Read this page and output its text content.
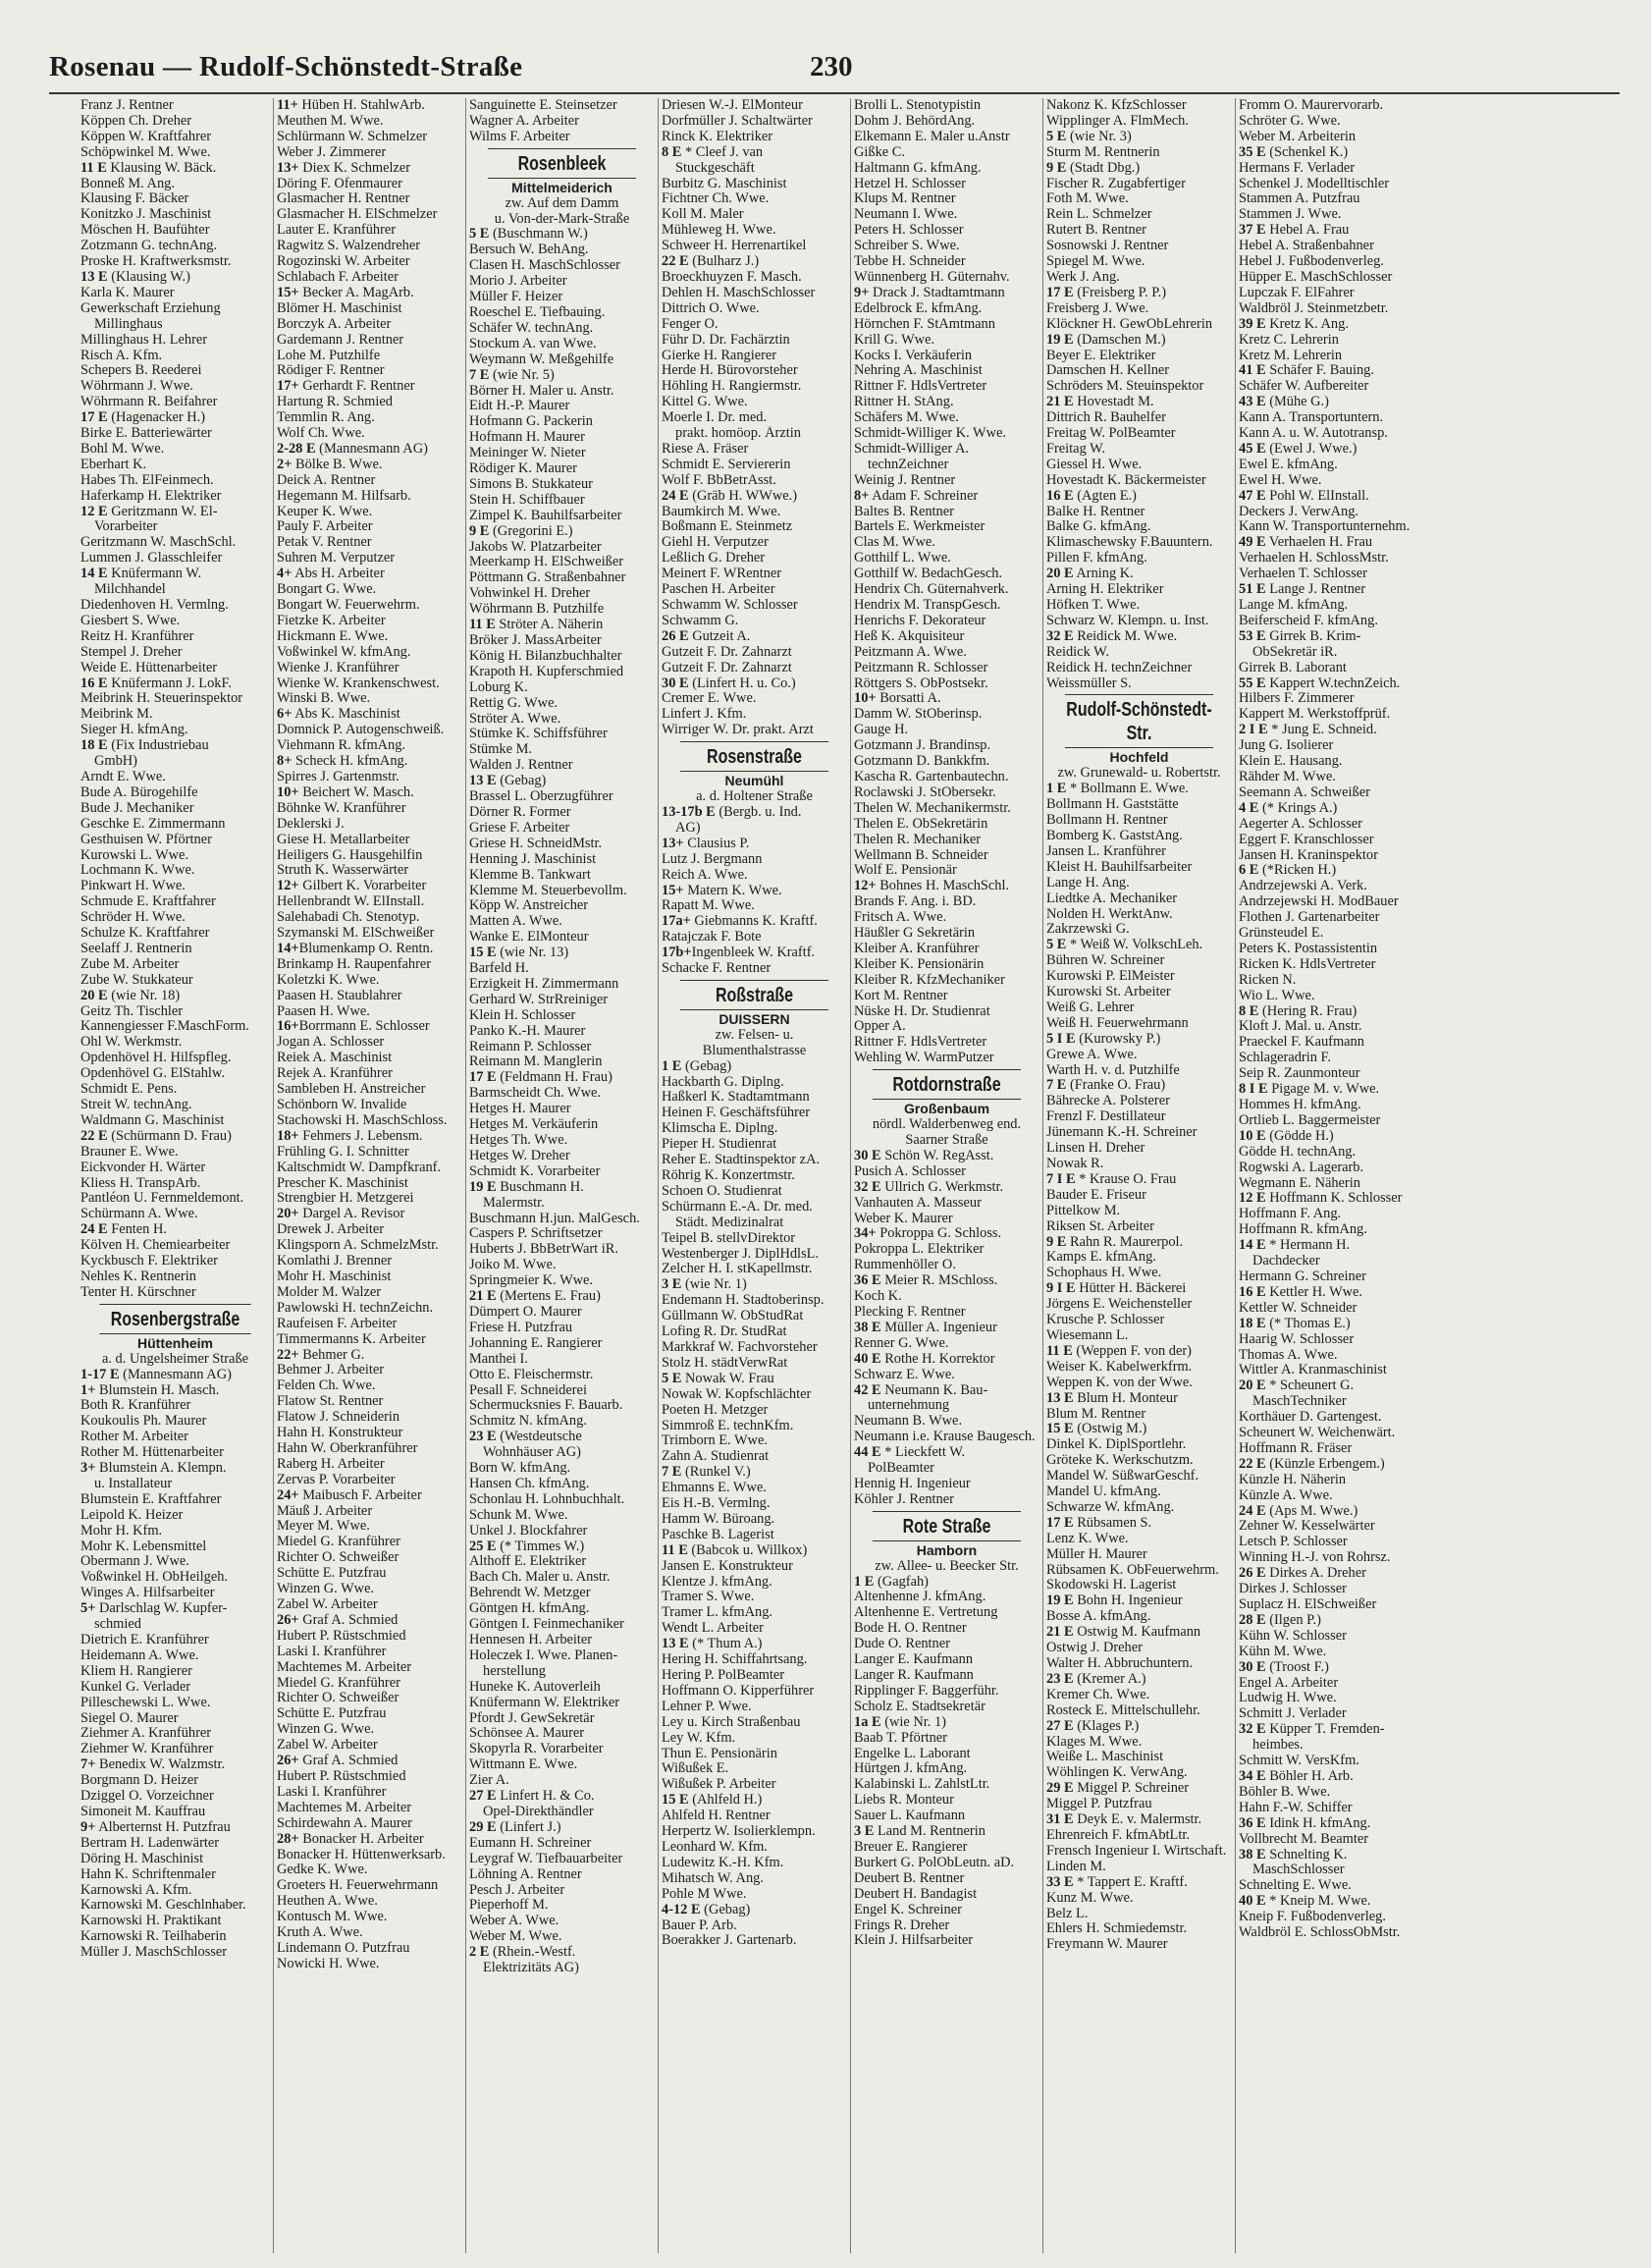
Rosenau — Rudolf-Schönstedt-Straße	230
Franz J. Rentner
Köppen Ch. Dreher
Köppen W. Kraftfahrer
Schöpwinkel M. Wwe.
11 E Klausing W. Bäck.
Bonneß M. Ang.
Klausing F. Bäcker
Konitzko J. Maschinist
Möschen H. Baufühter
Zotzmann G. technAng.
Proske H. Kraftwerksmstr.
13 E (Klausing W.)
Karla K. Maurer
Gewerkschaft Erziehung
Millinghaus
Millinghaus H. Lehrer
Risch A. Kfm.
Schepers B. Reederei
Wöhrmann J. Wwe.
Wöhrmann R. Beifahrer
17 E (Hagenacker H.)
Birke E. Batteriewärter
Bohl M. Wwe.
Eberhart K.
Habes Th. ElFeinmech.
Haferkamp H. Elektriker
12 E Geritzmann W. El-
Vorarbeiter
Geritzmann W. MaschSchl.
Lummen J. Glasschleifer
14 E Knüfermann W.
Milchhandel
Diedenhoven H. Vermlng.
Giesbert S. Wwe.
Reitz H. Kranführer
Stempel J. Dreher
Weide E. Hüttenarbeiter
16 E Knüfermann J. LokF.
Meibrink H. Steuerinspektor
Meibrink M.
Sieger H. kfmAng.
18 E (Fix Industriebau
GmbH)
Arndt E. Wwe.
Bude A. Bürogehilfe
Bude J. Mechaniker
Geschke E. Zimmermann
Gesthuisen W. Pförtner
Kurowski L. Wwe.
Lochmann K. Wwe.
Pinkwart H. Wwe.
Schmude E. Kraftfahrer
Schröder H. Wwe.
Schulze K. Kraftfahrer
Seelaff J. Rentnerin
Zube M. Arbeiter
Zube W. Stukkateur
20 E (wie Nr. 18)
Geitz Th. Tischler
Kannengiesser F.MaschForm.
Ohl W. Werkmstr.
Opdenhövel H. Hilfspfleg.
Opdenhövel G. ElStahlw.
Schmidt E. Pens.
Streit W. technAng.
Waldmann G. Maschinist
22 E (Schürmann D. Frau)
Brauner E. Wwe.
Eickvonder H. Wärter
Kliess H. TranspArb.
Pantléon U. Fernmeldemont.
Schürmann A. Wwe.
24 E Fenten H.
Kölven H. Chemiearbeiter
Kyckbusch F. Elektriker
Nehles K. Rentnerin
Tenter H. Kürschner
Rosenbergstraße
Hüttenheim
a. d. Ungelsheimer Straße
1-17 E (Mannesmann AG)
1+ Blumstein H. Masch.
Both R. Kranführer
Koukoulis Ph. Maurer
Rother M. Arbeiter
Rother M. Hüttenarbeiter
3+ Blumstein A. Klempn.
u. Installateur
Blumstein E. Kraftfahrer
Leipold K. Heizer
Mohr H. Kfm.
Mohr K. Lebensmittel
Obermann J. Wwe.
Voßwinkel H. ObHeilgeh.
Winges A. Hilfsarbeiter
5+ Darlschlag W. Kupfer-
schmied
Dietrich E. Kranführer
Heidemann A. Wwe.
Kliem H. Rangierer
Kunkel G. Verlader
Pilleschewski L. Wwe.
Siegel O. Maurer
Ziehmer A. Kranführer
Ziehmer W. Kranführer
7+ Benedix W. Walzmstr.
Borgmann D. Heizer
Dziggel O. Vorzeichner
Simoneit M. Kauffrau
9+ Alberternst H. Putzfrau
Bertram H. Ladenwärter
Döring H. Maschinist
Hahn K. Schriftenmaler
Karnowski A. Kfm.
Karnowski M. Geschlnhaber.
Karnowski H. Praktikant
Karnowski R. Teilhaberin
Müller J. MaschSchlosser
11+ Hüben H. StahlwArb.
Meuthen M. Wwe.
Schlürmann W. Schmelzer
Weber J. Zimmerer
13+ Diex K. Schmelzer
Döring F. Ofenmaurer
Glasmacher H. Rentner
Glasmacher H. ElSchmelzer
Lauter E. Kranführer
Ragwitz S. Walzendreher
Rogozinski W. Arbeiter
Schlabach F. Arbeiter
15+ Becker A. MagArb.
Blömer H. Maschinist
Borczyk A. Arbeiter
Gardemann J. Rentner
Lohe M. Putzhilfe
Rödiger F. Rentner
17+ Gerhardt F. Rentner
Hartung R. Schmied
Temmlin R. Ang.
Wolf Ch. Wwe.
2-28 E (Mannesmann AG)
2+ Bölke B. Wwe.
Deick A. Rentner
Hegemann M. Hilfsarb.
Keuper K. Wwe.
Pauly F. Arbeiter
Petak V. Rentner
Suhren M. Verputzer
4+ Abs H. Arbeiter
Bongart G. Wwe.
Bongart W. Feuerwehrm.
Fietzke K. Arbeiter
Hickmann E. Wwe.
Voßwinkel W. kfmAng.
Wienke J. Kranführer
Wienke W. Krankenschwest.
Winski B. Wwe.
6+ Abs K. Maschinist
Domnick P. Autogenschweiß.
Viehmann R. kfmAng.
8+ Scheck H. kfmAng.
Spirres J. Gartenmstr.
10+ Beichert W. Masch.
Böhnke W. Kranführer
Deklerski J.
Giese H. Metallarbeiter
Heiligers G. Hausgehilfin
Struth K. Wasserwärter
12+ Gilbert K. Vorarbeiter
Hellenbrandt W. ElInstall.
Salehabadi Ch. Stenotyp.
Szymanski M. ElSchweißer
14+Blumenkamp O. Rentn.
Brinkamp H. Raupenfahrer
Koletzki K. Wwe.
Paasen H. Staublahrer
Paasen H. Wwe.
16+Borrmann E. Schlosser
Jogan A. Schlosser
Reiek A. Maschinist
Rejek A. Kranführer
Sambleben H. Anstreicher
Schönborn W. Invalide
Stachowski H. MaschSchloss.
18+ Fehmers J. Lebensm.
Frühling G. I. Schnitter
Kaltschmidt W. Dampfkranf.
Prescher K. Maschinist
Strengbier H. Metzgerei
20+ Dargel A. Revisor
Drewek J. Arbeiter
Klingsporn A. SchmelzMstr.
Komlathi J. Brenner
Mohr H. Maschinist
Molder M. Walzer
Pawlowski H. technZeichn.
Raufeisen F. Arbeiter
Timmermanns K. Arbeiter
22+ Behmer G.
Behmer J. Arbeiter
Felden Ch. Wwe.
Flatow St. Rentner
Flatow J. Schneiderin
Hahn H. Konstrukteur
Hahn W. Oberkranführer
Raberg H. Arbeiter
Zervas P. Vorarbeiter
24+ Maibusch F. Arbeiter
Mäuß J. Arbeiter
Meyer M. Wwe.
Miedel G. Kranführer
Richter O. Schweißer
Schütte E. Putzfrau
Winzen G. Wwe.
Zabel W. Arbeiter
26+ Graf A. Schmied
Hubert P. Rüstschmied
Laski I. Kranführer
Machtemes M. Arbeiter
Miedel G. Kranführer
Richter O. Schweißer
Schütte E. Putzfrau
Winzen G. Wwe.
Zabel W. Arbeiter
26+ Graf A. Schmied
Hubert P. Rüstschmied
Laski I. Kranführer
Machtemes M. Arbeiter
Schirdewahn A. Maurer
28+ Bonacker H. Arbeiter
Bonacker H. Hüttenwerksarb.
Gedke K. Wwe.
Groeters H. Feuerwehrmann
Heuthen A. Wwe.
Kontusch M. Wwe.
Kruth A. Wwe.
Lindemann O. Putzfrau
Nowicki H. Wwe.
Sanguinette E. Steinsetzer
Wagner A. Arbeiter
Wilms F. Arbeiter
Rosenbleek
Mittelmeiderich
zw. Auf dem Damm
u. Von-der-Mark-Straße
5 E (Buschmann W.)
Bersuch W. BehAng.
Clasen H. MaschSchlosser
Morio J. Arbeiter
Müller F. Heizer
Roeschel E. Tiefbauing.
Schäfer W. technAng.
Stockum A. van Wwe.
Weymann W. Meßgehilfe
7 E (wie Nr. 5)
Börner H. Maler u. Anstr.
Eidt H.-P. Maurer
Hofmann G. Packerin
Hofmann H. Maurer
Meininger W. Nieter
Rödiger K. Maurer
Simons B. Stukkateur
Stein H. Schiffbauer
Zimpel K. Bauhilfsarbeiter
9 E (Gregorini E.)
Jakobs W. Platzarbeiter
Meerkamp H. ElSchweißer
Pöttmann G. Straßenbahner
Vohwinkel H. Dreher
Wöhrmann B. Putzhilfe
11 E Ströter A. Näherin
Bröker J. MassArbeiter
König H. Bilanzbuchhalter
Krapoth H. Kupferschmied
Loburg K.
Rettig G. Wwe.
Ströter A. Wwe.
Stümke K. Schiffsführer
Stümke M.
Walden J. Rentner
13 E (Gebag)
Brassel L. Oberzugführer
Dörner R. Former
Griese F. Arbeiter
Griese H. SchneidMstr.
Henning J. Maschinist
Klemme B. Tankwart
Klemme M. Steuerbevollm.
Köpp W. Anstreicher
Matten A. Wwe.
Wanke E. ElMonteur
15 E (wie Nr. 13)
Barfeld H.
Erzigkeit H. Zimmermann
Gerhard W. StrRreiniger
Klein H. Schlosser
Panko K.-H. Maurer
Reimann P. Schlosser
Reimann M. Manglerin
17 E (Feldmann H. Frau)
Barmscheidt Ch. Wwe.
Hetges H. Maurer
Hetges M. Verkäuferin
Hetges Th. Wwe.
Hetges W. Dreher
Schmidt K. Vorarbeiter
19 E Buschmann H.
Malermstr.
Buschmann H.jun. MalGesch.
Caspers P. Schriftsetzer
Huberts J. BbBetrWart iR.
Joiko M. Wwe.
Springmeier K. Wwe.
21 E (Mertens E. Frau)
Dümpert O. Maurer
Friese H. Putzfrau
Johanning E. Rangierer
Manthei I.
Otto E. Fleischermstr.
Pesall F. Schneiderei
Schermucksnies F. Bauarb.
Schmitz N. kfmAng.
23 E (Westdeutsche
Wohnhäuser AG)
Born W. kfmAng.
Hansen Ch. kfmAng.
Schonlau H. Lohnbuchhalt.
Schunk M. Wwe.
Unkel J. Blockfahrer
25 E (* Timmes W.)
Althoff E. Elektriker
Bach Ch. Maler u. Anstr.
Behrendt W. Metzger
Göntgen H. kfmAng.
Göntgen I. Feinmechaniker
Hennesen H. Arbeiter
Holeczek I. Wwe. Planen-
herstellung
Huneke K. Autoverleih
Knüfermann W. Elektriker
Pfordt J. GewSekretär
Schönsee A. Maurer
Skopyrla R. Vorarbeiter
Wittmann E. Wwe.
Zier A.
27 E Linfert H. & Co.
Opel-Direkthändler
29 E (Linfert J.)
Eumann H. Schreiner
Leygraf W. Tiefbauarbeiter
Löhning A. Rentner
Pesch J. Arbeiter
Pieperhoff M.
Weber A. Wwe.
Weber M. Wwe.
2 E (Rhein.-Westf.
Elektrizitäts AG)
Driesen W.-J. ElMonteur
Dorfmüller J. Schaltwärter
Rinck K. Elektriker
8 E * Cleef J. van
Stuckgeschäft
Burbitz G. Maschinist
Fichtner Ch. Wwe.
Koll M. Maler
Mühleweg H. Wwe.
Schweer H. Herrenartikel
22 E (Bulharz J.)
Broeckhuyzen F. Masch.
Dehlen H. MaschSchlosser
Dittrich O. Wwe.
Fenger O.
Führ D. Dr. Fachärztin
Gierke H. Rangierer
Herde H. Bürovorsteher
Höhling H. Rangiermstr.
Kittel G. Wwe.
Moerle I. Dr. med.
prakt. homöop. Ärztin
Riese A. Fräser
Schmidt E. Serviererin
Wolf F. BbBetrAsst.
24 E (Gräb H. WWwe.)
Baumkirch M. Wwe.
Boßmann E. Steinmetz
Giehl H. Verputzer
Leßlich G. Dreher
Meinert F. WRentner
Paschen H. Arbeiter
Schwamm W. Schlosser
Schwamm G.
26 E Gutzeit A.
Gutzeit F. Dr. Zahnarzt
Gutzeit F. Dr. Zahnarzt
30 E (Linfert H. u. Co.)
Cremer E. Wwe.
Linfert J. Kfm.
Wirriger W. Dr. prakt. Arzt
Rosenstraße
Neumühl
a. d. Holtener Straße
13-17b E (Bergb. u. Ind.
AG)
13+ Clausius P.
Lutz J. Bergmann
Reich A. Wwe.
15+ Matern K. Wwe.
Rapatt M. Wwe.
17a+ Giebmanns K. Kraftf.
Ratajczak F. Bote
17b+Ingenbleek W. Kraftf.
Schacke F. Rentner
Roßstraße
DUISSERN
zw. Felsen- u.
Blumenthalstrasse
1 E (Gebag)
Hackbarth G. Diplng.
Haßkerl K. Stadtamtmann
Heinen F. Geschäftsführer
Klimscha E. Diplng.
Pieper H. Studienrat
Reher E. Stadtinspektor zA.
Röhrig K. Konzertmstr.
Schoen O. Studienrat
Schürmann E.-A. Dr. med.
Städt. Medizinalrat
Teipel B. stellvDirektor
Westenberger J. DiplHdlsL.
Zelcher H. I. stKapellmstr.
3 E (wie Nr. 1)
Endemann H. Stadtoberinsp.
Güllmann W. ObStudRat
Lofing R. Dr. StudRat
Markkraf W. Fachvorsteher
Stolz H. städtVerwRat
5 E Nowak W. Frau
Nowak W. Kopfschlächter
Poeten H. Metzger
Simmroß E. technKfm.
Trimborn E. Wwe.
Zahn A. Studienrat
7 E (Runkel V.)
Ehmanns E. Wwe.
Eis H.-B. Vermlng.
Hamm W. Büroang.
Paschke B. Lagerist
11 E (Babcok u. Willkox)
Jansen E. Konstrukteur
Klentze J. kfmAng.
Tramer S. Wwe.
Tramer L. kfmAng.
Wendt L. Arbeiter
13 E (* Thum A.)
Hering H. Schiffahrtsang.
Hering P. PolBeamter
Hoffmann O. Kipperführer
Lehner P. Wwe.
Ley u. Kirch Straßenbau
Ley W. Kfm.
Thun E. Pensionärin
Wißußek E.
Wißußek P. Arbeiter
15 E (Ahlfeld H.)
Ahlfeld H. Rentner
Herpertz W. Isolierklempn.
Leonhard W. Kfm.
Ludewitz K.-H. Kfm.
Mihatsch W. Ang.
Pohle M Wwe.
4-12 E (Gebag)
Bauer P. Arb.
Boerakker J. Gartenarb.
Brolli L. Stenotypistin
Dohm J. BehördAng.
Elkemann E. Maler u.Anstr
Gißke C.
Haltmann G. kfmAng.
Hetzel H. Schlosser
Klups M. Rentner
Neumann I. Wwe.
Peters H. Schlosser
Schreiber S. Wwe.
Tebbe H. Schneider
Wünnenberg H. Güternahv.
9+ Drack J. Stadtamtmann
Edelbrock E. kfmAng.
Hörnchen F. StAmtmann
Krill G. Wwe.
Kocks I. Verkäuferin
Nehring A. Maschinist
Rittner F. HdlsVertreter
Rittner H. StAng.
Schäfers M. Wwe.
Schmidt-Williger K. Wwe.
Schmidt-Williger A.
technZeichner
Weinig J. Rentner
8+ Adam F. Schreiner
Baltes B. Rentner
Bartels E. Werkmeister
Clas M. Wwe.
Gotthilf L. Wwe.
Gotthilf W. BedachGesch.
Hendrix Ch. Güternahverk.
Hendrix M. TranspGesch.
Henrichs F. Dekorateur
Heß K. Akquisiteur
Peitzmann A. Wwe.
Peitzmann R. Schlosser
Röttgers S. ObPostsekr.
10+ Borsatti A.
Damm W. StOberinsp.
Gauge H.
Gotzmann J. Brandinsp.
Gotzmann D. Bankkfm.
Kascha R. Gartenbautechn.
Roclawski J. StObersekr.
Thelen W. Mechanikermstr.
Thelen E. ObSekretärin
Thelen R. Mechaniker
Wellmann B. Schneider
Wolf E. Pensionär
12+ Bohnes H. MaschSchl.
Brands F. Ang. i. BD.
Fritsch A. Wwe.
Häußler G Sekretärin
Kleiber A. Kranführer
Kleiber K. Pensionärin
Kleiber R. KfzMechaniker
Kort M. Rentner
Nüske H. Dr. Studienrat
Opper A.
Rittner F. HdlsVertreter
Wehling W. WarmPutzer
Rotdornstraße
Großenbaum
nördl. Walderbenweg end.
Saarner Straße
30 E Schön W. RegAsst.
Pusich A. Schlosser
32 E Ullrich G. Werkmstr.
Vanhauten A. Masseur
Weber K. Maurer
34+ Pokroppa G. Schloss.
Pokroppa L. Elektriker
Rummenhöller O.
36 E Meier R. MSchloss.
Koch K.
Plecking F. Rentner
38 E Müller A. Ingenieur
Renner G. Wwe.
40 E Rothe H. Korrektor
Schwarz E. Wwe.
42 E Neumann K. Bau-
unternehmung
Neumann B. Wwe.
Neumann i.e. Krause Baugesch.
44 E * Lieckfett W.
PolBeamter
Hennig H. Ingenieur
Köhler J. Rentner
Rote Straße
Hamborn
zw. Allee- u. Beecker Str.
1 E (Gagfah)
Altenhenne J. kfmAng.
Altenhenne E. Vertretung
Bode H. O. Rentner
Dude O. Rentner
Langer E. Kaufmann
Langer R. Kaufmann
Ripplinger F. Baggerführ.
Scholz E. Stadtsekretär
1a E (wie Nr. 1)
Baab T. Pförtner
Engelke L. Laborant
Hürtgen J. kfmAng.
Kalabinski L. ZahlstLtr.
Liebs R. Monteur
Sauer L. Kaufmann
3 E Land M. Rentnerin
Breuer E. Rangierer
Burkert G. PolObLeutn. aD.
Deubert B. Rentner
Deubert H. Bandagist
Engel K. Schreiner
Frings R. Dreher
Klein J. Hilfsarbeiter
Nakonz K. KfzSchlosser
Wipplinger A. FlmMech.
5 E (wie Nr. 3)
Sturm M. Rentnerin
9 E (Stadt Dbg.)
Fischer R. Zugabfertiger
Foth M. Wwe.
Rein L. Schmelzer
Rutert B. Rentner
Sosnowski J. Rentner
Spiegel M. Wwe.
Werk J. Ang.
17 E (Freisberg P. P.)
Freisberg J. Wwe.
Klöckner H. GewObLehrerin
19 E (Damschen M.)
Beyer E. Elektriker
Damschen H. Kellner
Schröders M. Steuinspektor
21 E Hovestadt M.
Dittrich R. Bauhelfer
Freitag W. PolBeamter
Freitag W.
Giessel H. Wwe.
Hovestadt K. Bäckermeister
16 E (Agten E.)
Balke H. Rentner
Balke G. kfmAng.
Klimaschewsky F.Bauuntern.
Pillen F. kfmAng.
20 E Arning K.
Arning H. Elektriker
Höfken T. Wwe.
Schwarz W. Klempn. u. Inst.
32 E Reidick M. Wwe.
Reidick W.
Reidick H. technZeichner
Weissmüller S.
Rudolf-Schönstedt-Str.
Hochfeld
zw. Grunewald- u. Robertstr.
1 E * Bollmann E. Wwe.
Bollmann H. Gaststätte
Bollmann H. Rentner
Bomberg K. GaststAng.
Jansen L. Kranführer
Kleist H. Bauhilfsarbeiter
Lange H. Ang.
Liedtke A. Mechaniker
Nolden H. WerktAnw.
Zakrzewski G.
5 E * Weiß W. VolkschLeh.
Bühren W. Schreiner
Kurowski P. ElMeister
Kurowski St. Arbeiter
Weiß G. Lehrer
Weiß H. Feuerwehrmann
5 I E (Kurowsky P.)
Grewe A. Wwe.
Warth H. v. d. Putzhilfe
7 E (Franke O. Frau)
Bährecke A. Polsterer
Frenzl F. Destillateur
Jünemann K.-H. Schreiner
Linsen H. Dreher
Nowak R.
7 I E * Krause O. Frau
Bauder E. Friseur
Pittelkow M.
Riksen St. Arbeiter
9 E Rahn R. Maurerpol.
Kamps E. kfmAng.
Schophaus H. Wwe.
9 I E Hütter H. Bäckerei
Jörgens E. Weichensteller
Krusche P. Schlosser
Wiesemann L.
11 E (Weppen F. von der)
Weiser K. Kabelwerkfrm.
Weppen K. von der Wwe.
13 E Blum H. Monteur
Blum M. Rentner
15 E (Ostwig M.)
Dinkel K. DiplSportlehr.
Gröteke K. Werkschutzm.
Mandel W. SüßwarGeschf.
Mandel U. kfmAng.
Schwarze W. kfmAng.
17 E Rübsamen S.
Lenz K. Wwe.
Müller H. Maurer
Rübsamen K. ObFeuerwehrm.
Skodowski H. Lagerist
19 E Bohn H. Ingenieur
Bosse A. kfmAng.
21 E Ostwig M. Kaufmann
Ostwig J. Dreher
Walter H. Abbruchuntern.
23 E (Kremer A.)
Kremer Ch. Wwe.
Rosteck E. Mittelschullehr.
27 E (Klages P.)
Klages M. Wwe.
Weiße L. Maschinist
Wöhlingen K. VerwAng.
29 E Miggel P. Schreiner
Miggel P. Putzfrau
31 E Deyk E. v. Malermstr.
Ehrenreich F. kfmAbtLtr.
Frensch Ingenieur I. Wirtschaft.
Linden M.
33 E * Tappert E. Kraftf.
Kunz M. Wwe.
Belz L.
Ehlers H. Schmiedemstr.
Freymann W. Maurer
Fromm O. Maurervorarb.
Schröter G. Wwe.
Weber M. Arbeiterin
35 E (Schenkel K.)
Hermans F. Verlader
Schenkel J. Modelltischler
Stammen A. Putzfrau
Stammen J. Wwe.
37 E Hebel A. Frau
Hebel A. Straßenbahner
Hebel J. Fußbodenverleg.
Hüpper E. MaschSchlosser
Lupczak F. ElFahrer
Waldbröl J. Steinmetzbetr.
39 E Kretz K. Ang.
Kretz C. Lehrerin
Kretz M. Lehrerin
41 E Schäfer F. Bauing.
Schäfer W. Aufbereiter
43 E (Mühe G.)
Kann A. Transportuntern.
Kann A. u. W. Autotransp.
45 E (Ewel J. Wwe.)
Ewel E. kfmAng.
Ewel H. Wwe.
47 E Pohl W. ElInstall.
Deckers J. VerwAng.
Kann W. Transportunternehm.
49 E Verhaelen H. Frau
Verhaelen H. SchlossMstr.
Verhaelen T. Schlosser
51 E Lange J. Rentner
Lange M. kfmAng.
Beiferscheid F. kfmAng.
53 E Girrek B. Krim-
ObSekretär iR.
Girrek B. Laborant
55 E Kappert W.technZeich.
Hilbers F. Zimmerer
Kappert M. Werkstoffprüf.
2 I E * Jung E. Schneid.
Jung G. Isolierer
Klein E. Hausang.
Rähder M. Wwe.
Seemann A. Schweißer
4 E (* Krings A.)
Aegerter A. Schlosser
Eggert F. Kranschlosser
Jansen H. Kraninspektor
6 E (*Ricken H.)
Andrzejewski A. Verk.
Andrzejewski H. ModBauer
Flothen J. Gartenarbeiter
Grünsteudel E.
Peters K. Postassistentin
Ricken K. HdlsVertreter
Ricken N.
Wio L. Wwe.
8 E (Hering R. Frau)
Kloft J. Mal. u. Anstr.
Praeckel F. Kaufmann
Schlageradrin F.
Seip R. Zaunmonteur
8 I E Pigage M. v. Wwe.
Hommes H. kfmAng.
Ortlieb L. Baggermeister
10 E (Gödde H.)
Gödde H. technAng.
Rogwski A. Lagerarb.
Wegmann E. Näherin
12 E Hoffmann K. Schlosser
Hoffmann F. Ang.
Hoffmann R. kfmAng.
14 E * Hermann H.
Dachdecker
Hermann G. Schreiner
16 E Kettler H. Wwe.
Kettler W. Schneider
18 E (* Thomas E.)
Haarig W. Schlosser
Thomas A. Wwe.
Wittler A. Kranmaschinist
20 E * Scheunert G.
MaschTechniker
Korthäuer D. Gartengest.
Scheunert W. Weichenwärt.
Hoffmann R. Fräser
22 E (Künzle Erbengem.)
Künzle H. Näherin
Künzle A. Wwe.
24 E (Aps M. Wwe.)
Zehner W. Kesselwärter
Letsch P. Schlosser
Winning H.-J. von Rohrsz.
26 E Dirkes A. Dreher
Dirkes J. Schlosser
Suplacz H. ElSchweißer
28 E (Ilgen P.)
Kühn W. Schlosser
Kühn M. Wwe.
30 E (Troost F.)
Engel A. Arbeiter
Ludwig H. Wwe.
Schmitt J. Verlader
32 E Küpper T. Fremden-
heimbes.
Schmitt W. VersKfm.
34 E Böhler H. Arb.
Böhler B. Wwe.
Hahn F.-W. Schiffer
36 E Idink H. kfmAng.
Vollbrecht M. Beamter
38 E Schnelting K.
MaschSchlosser
Schnelting E. Wwe.
40 E * Kneip M. Wwe.
Kneip F. Fußbodenverleg.
Waldbröl E. SchlossObMstr.
